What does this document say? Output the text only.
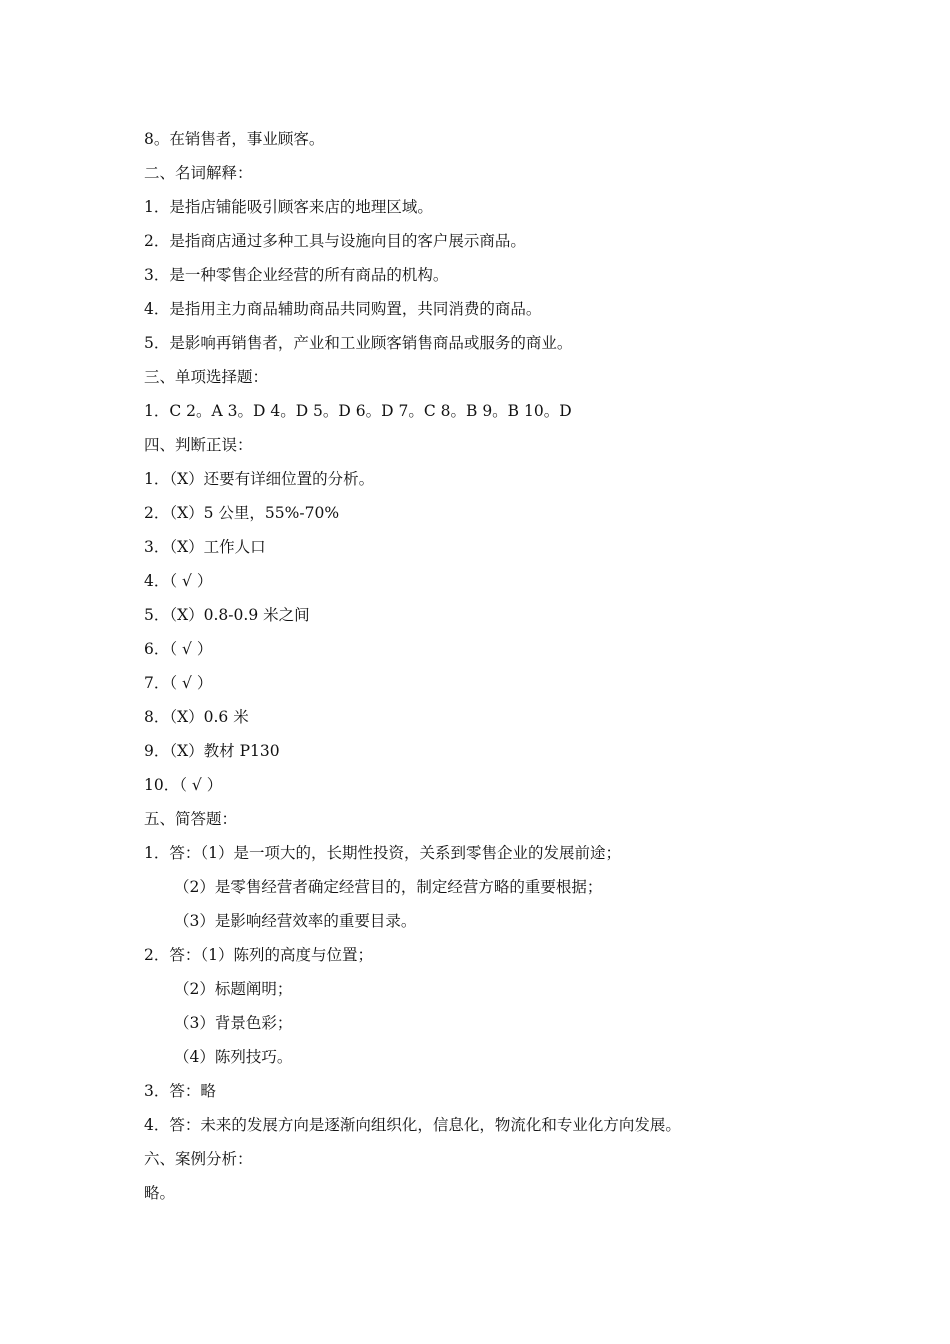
8。在销售者，事业顾客。
二、名词解释：
1．是指店铺能吸引顾客来店的地理区域。
2．是指商店通过多种工具与设施向目的客户展示商品。
3．是一种零售企业经营的所有商品的机构。
4．是指用主力商品辅助商品共同购置，共同消费的商品。
5．是影响再销售者，产业和工业顾客销售商品或服务的商业。
三、单项选择题：
1．C 2。A 3。D 4。D 5。D 6。D 7。C 8。B 9。B 10。D
四、判断正误：
1．（X）还要有详细位置的分析。
2．（X）5 公里，55%-70%
3．（X）工作人口
4．（ √ ）
5．（X）0.8-0.9 米之间
6．（ √ ）
7．（ √ ）
8．（X）0.6 米
9．（X）教材 P130
10．（ √ ）
五、简答题：
1．答：（1）是一项大的，长期性投资，关系到零售企业的发展前途；
（2）是零售经营者确定经营目的，制定经营方略的重要根据；
（3）是影响经营效率的重要目录。
2．答：（1）陈列的高度与位置；
（2）标题阐明；
（3）背景色彩；
（4）陈列技巧。
3．答：略
4．答：未来的发展方向是逐渐向组织化，信息化，物流化和专业化方向发展。
六、案例分析：
略。
